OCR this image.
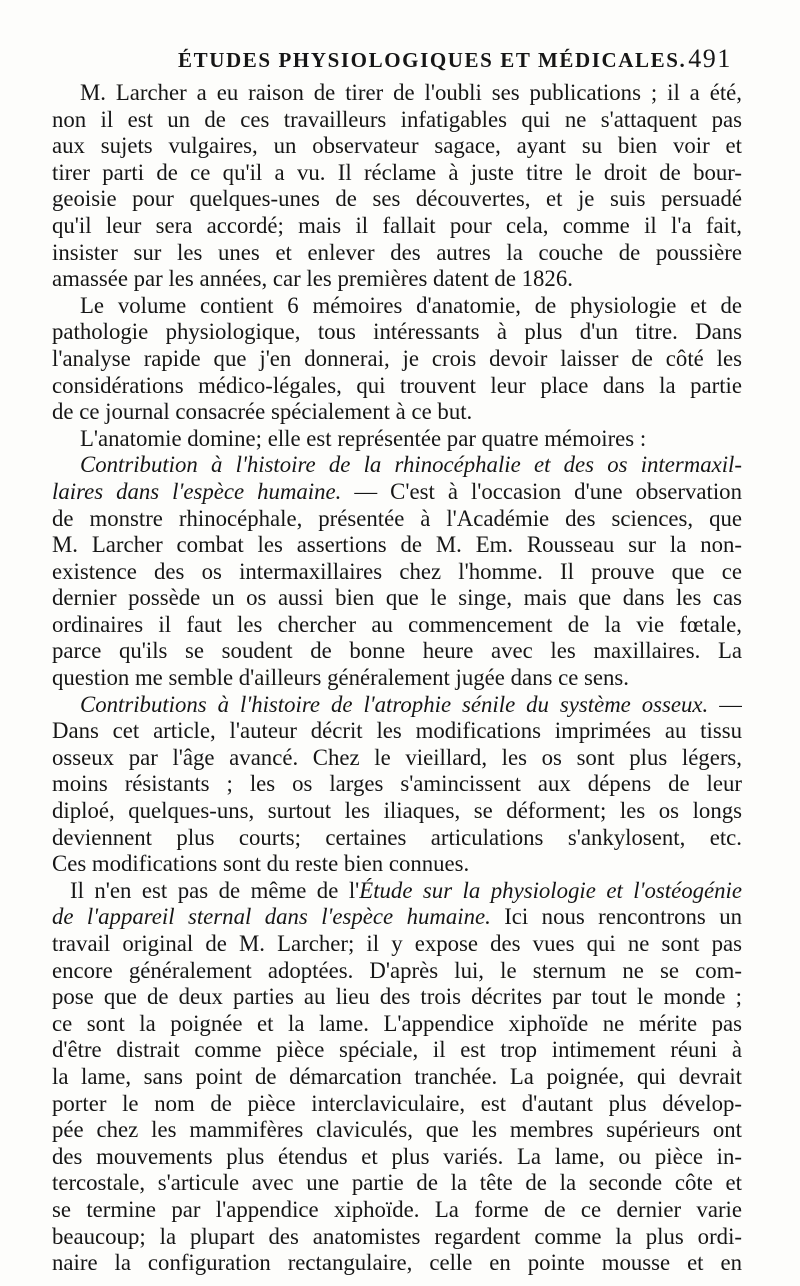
ÉTUDES PHYSIOLOGIQUES ET MÉDICALES. 491
M. Larcher a eu raison de tirer de l'oubli ses publications ; il a été,
non il est un de ces travailleurs infatigables qui ne s'attaquent pas
aux sujets vulgaires, un observateur sagace, ayant su bien voir et
tirer parti de ce qu'il a vu. Il réclame à juste titre le droit de bour-
geoisie pour quelques-unes de ses découvertes, et je suis persuadé
qu'il leur sera accordé; mais il fallait pour cela, comme il l'a fait,
insister sur les unes et enlever des autres la couche de poussière
amassée par les années, car les premières datent de 1826.
Le volume contient 6 mémoires d'anatomie, de physiologie et de
pathologie physiologique, tous intéressants à plus d'un titre. Dans
l'analyse rapide que j'en donnerai, je crois devoir laisser de côté les
considérations médico-légales, qui trouvent leur place dans la partie
de ce journal consacrée spécialement à ce but.
L'anatomie domine; elle est représentée par quatre mémoires :
Contribution à l'histoire de la rhinocéphalie et des os intermaxil-
laires dans l'espèce humaine. — C'est à l'occasion d'une observation
de monstre rhinocéphale, présentée à l'Académie des sciences, que
M. Larcher combat les assertions de M. Em. Rousseau sur la non-
existence des os intermaxillaires chez l'homme. Il prouve que ce
dernier possède un os aussi bien que le singe, mais que dans les cas
ordinaires il faut les chercher au commencement de la vie fœtale,
parce qu'ils se soudent de bonne heure avec les maxillaires. La
question me semble d'ailleurs généralement jugée dans ce sens.
Contributions à l'histoire de l'atrophie sénile du système osseux. —
Dans cet article, l'auteur décrit les modifications imprimées au tissu
osseux par l'âge avancé. Chez le vieillard, les os sont plus légers,
moins résistants ; les os larges s'amincissent aux dépens de leur
diploé, quelques-uns, surtout les iliaques, se déforment; les os longs
deviennent plus courts; certaines articulations s'ankylosent, etc.
Ces modifications sont du reste bien connues.
Il n'en est pas de même de l'Étude sur la physiologie et l'ostéogénie
de l'appareil sternal dans l'espèce humaine. Ici nous rencontrons un
travail original de M. Larcher; il y expose des vues qui ne sont pas
encore généralement adoptées. D'après lui, le sternum ne se com-
pose que de deux parties au lieu des trois décrites par tout le monde ;
ce sont la poignée et la lame. L'appendice xiphoïde ne mérite pas
d'être distrait comme pièce spéciale, il est trop intimement réuni à
la lame, sans point de démarcation tranchée. La poignée, qui devrait
porter le nom de pièce interclaviculaire, est d'autant plus dévelop-
pée chez les mammifères claviculés, que les membres supérieurs ont
des mouvements plus étendus et plus variés. La lame, ou pièce in-
tercostale, s'articule avec une partie de la tête de la seconde côte et
se termine par l'appendice xiphoïde. La forme de ce dernier varie
beaucoup; la plupart des anatomistes regardent comme la plus ordi-
naire la configuration rectangulaire, celle en pointe mousse et en
